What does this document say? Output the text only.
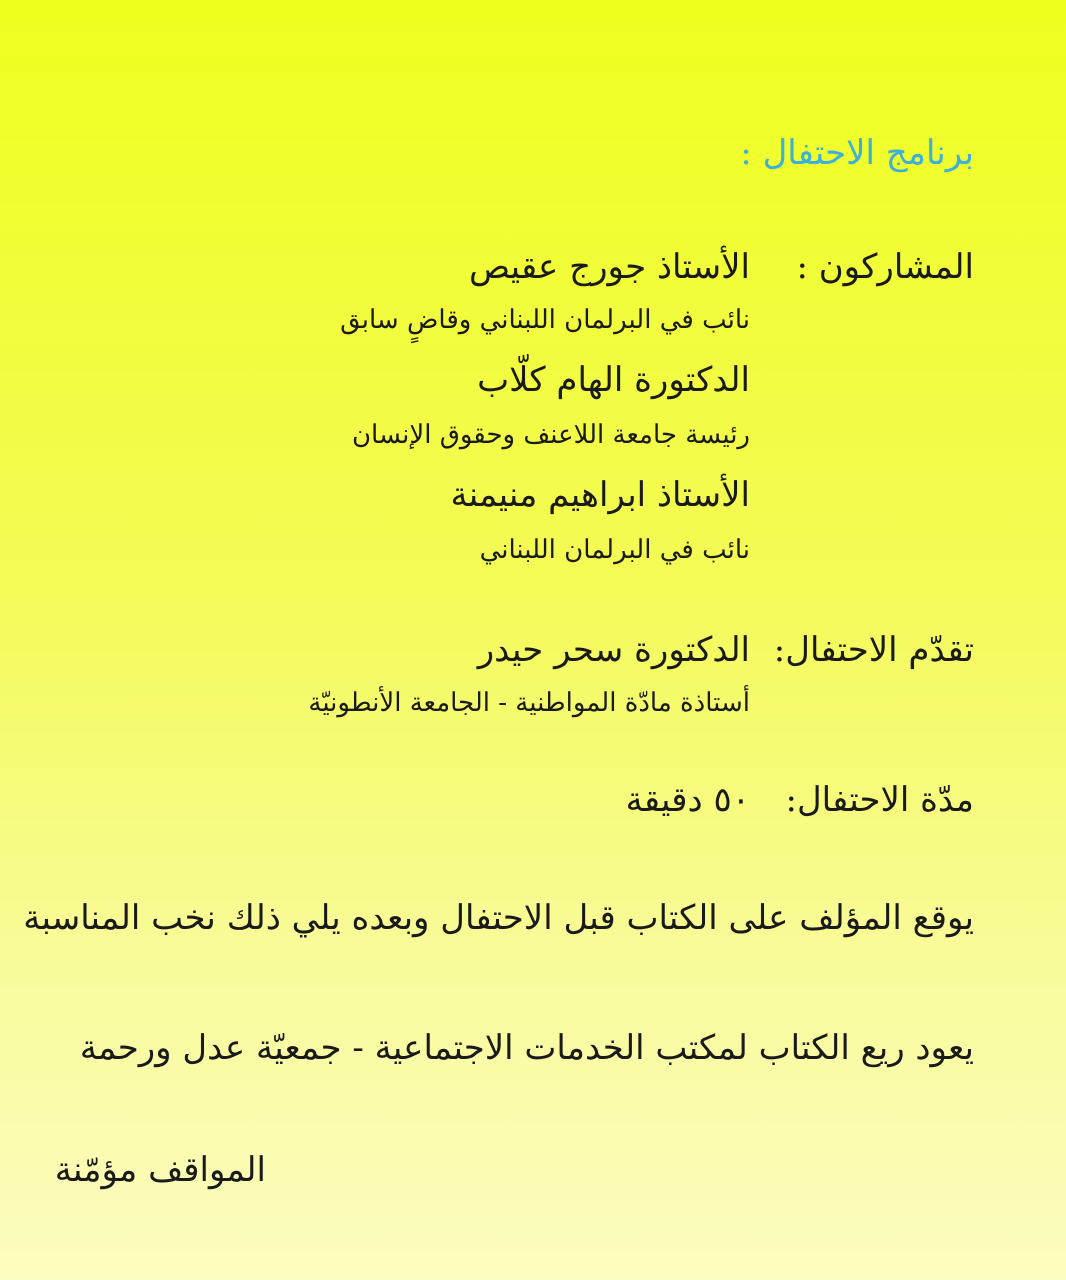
برنامج الاحتفال :
المشاركون :
الأستاذ جورج عقيص
نائب في البرلمان اللبناني وقاضٍ سابق
الدكتورة الهام كلّاب
رئيسة جامعة اللاعنف وحقوق الإنسان
الأستاذ ابراهيم منيمنة
نائب في البرلمان اللبناني
تقدّم الاحتفال:
الدكتورة سحر حيدر
أستاذة مادّة المواطنية - الجامعة الأنطونيّة
مدّة الاحتفال:
٥٠ دقيقة
يوقع المؤلف على الكتاب قبل الاحتفال وبعده يلي ذلك نخب المناسبة
يعود ريع الكتاب لمكتب الخدمات الاجتماعية - جمعيّة عدل ورحمة
المواقف مؤمّنة
